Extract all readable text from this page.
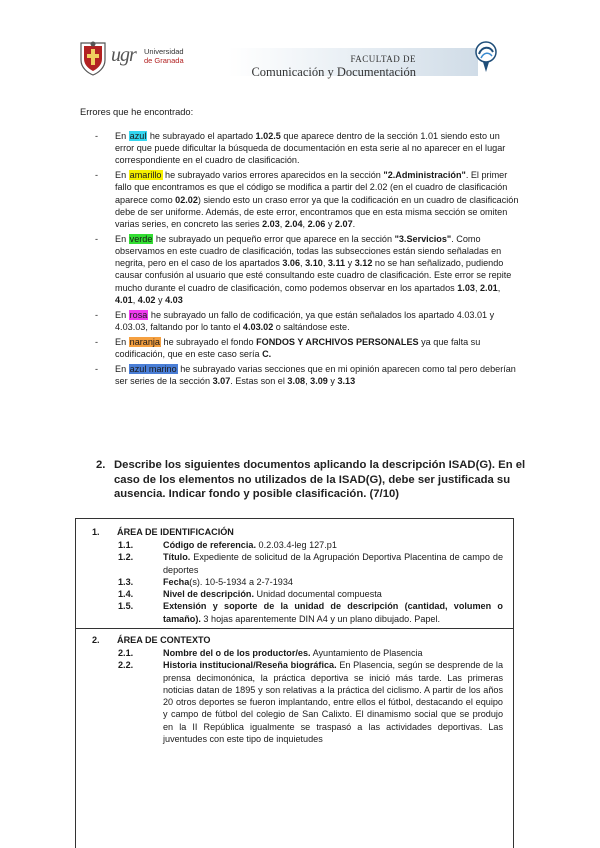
ugr Universidad
de Granada	FACULTAD DE
Comunicación y Documentación
Errores que he encontrado:
- En azul he subrayado el apartado 1.02.5 que aparece dentro de la sección 1.01 siendo esto un error que puede dificultar la búsqueda de documentación en esta serie al no aparecer en el lugar correspondiente en el cuadro de clasificación.
- En amarillo he subrayado varios errores aparecidos en la sección "2.Administración". El primer fallo que encontramos es que el código se modifica a partir del 2.02 (en el cuadro de clasificación aparece como 02.02) siendo esto un craso error ya que la codificación en un cuadro de clasificación debe de ser uniforme. Además, de este error, encontramos que en esta misma sección se omiten varias series, en concreto las series 2.03, 2.04, 2.06 y 2.07.
- En verde he subrayado un pequeño error que aparece en la sección "3.Servicios". Como observamos en este cuadro de clasificación, todas las subsecciones están siendo señaladas en negrita, pero en el caso de los apartados 3.06, 3.10, 3.11 y 3.12 no se han señalizado, pudiendo causar confusión al usuario que esté consultando este cuadro de clasificación. Este error se repite mucho durante el cuadro de clasificación, como podemos observar en los apartados 1.03, 2.01, 4.01, 4.02 y 4.03
- En rosa he subrayado un fallo de codificación, ya que están señalados los apartado 4.03.01 y 4.03.03, faltando por lo tanto el 4.03.02 o saltándose este.
- En naranja he subrayado el fondo FONDOS Y ARCHIVOS PERSONALES ya que falta su codificación, que en este caso sería C.
- En azul marino he subrayado varias secciones que en mi opinión aparecen como tal pero deberían ser series de la sección 3.07. Estas son el 3.08, 3.09 y 3.13
2. Describe los siguientes documentos aplicando la descripción ISAD(G). En el caso de los elementos no utilizados de la ISAD(G), debe ser justificada su ausencia. Indicar fondo y posible clasificación. (7/10)
1. ÁREA DE IDENTIFICACIÓN
1.1.	Código de referencia. 0.2.03.4-leg 127.p1
1.2.	Título. Expediente de solicitud de la Agrupación Deportiva Placentina de campo de deportes
1.3.	Fecha(s). 10-5-1934 a 2-7-1934
1.4.	Nivel de descripción. Unidad documental compuesta
1.5.	Extensión y soporte de la unidad de descripción (cantidad, volumen o tamaño). 3 hojas aparentemente DIN A4 y un plano dibujado. Papel.
2. ÁREA DE CONTEXTO
2.1.	Nombre del o de los productor/es. Ayuntamiento de Plasencia
2.2.	Historia institucional/Reseña biográfica. En Plasencia, según se desprende de la prensa decimonónica, la práctica deportiva se inició más tarde. Las primeras noticias datan de 1895 y son relativas a la práctica del ciclismo. A partir de los años 20 otros deportes se fueron implantando, entre ellos el fútbol, destacando el equipo y campo de fútbol del colegio de San Calixto. El dinamismo social que se produjo en la II República igualmente se traspasó a las actividades deportivas. Las juventudes con este tipo de inquietudes
